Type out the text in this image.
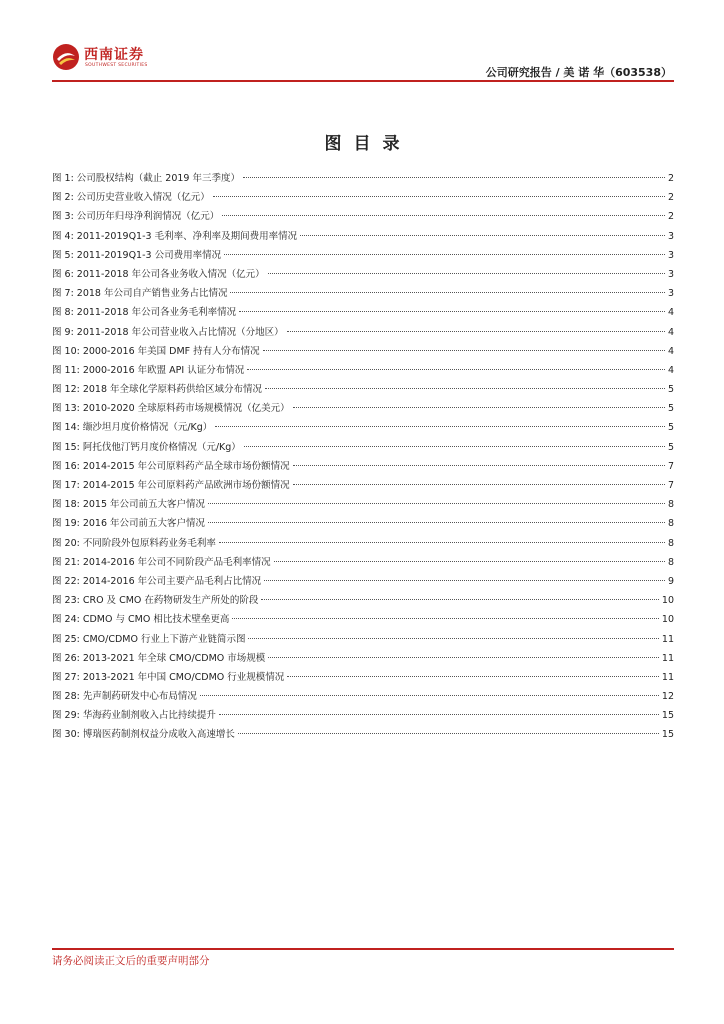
西南证券
SOUTHWEST SECURITIES
公司研究报告 / 美 诺 华（603538）
图目录
图 1: 公司股权结构（截止 2019 年三季度）	2
图 2: 公司历史营业收入情况（亿元）	2
图 3: 公司历年归母净利润情况（亿元）	2
图 4: 2011-2019Q1-3 毛利率、净利率及期间费用率情况	3
图 5: 2011-2019Q1-3 公司费用率情况	3
图 6: 2011-2018 年公司各业务收入情况（亿元）	3
图 7: 2018 年公司自产销售业务占比情况	3
图 8: 2011-2018 年公司各业务毛利率情况	4
图 9: 2011-2018 年公司营业收入占比情况（分地区）	4
图 10: 2000-2016 年美国 DMF 持有人分布情况	4
图 11: 2000-2016 年欧盟 API 认证分布情况	4
图 12: 2018 年全球化学原料药供给区域分布情况	5
图 13: 2010-2020 全球原料药市场规模情况（亿美元）	5
图 14: 缬沙坦月度价格情况（元/Kg）	5
图 15: 阿托伐他汀钙月度价格情况（元/Kg）	5
图 16: 2014-2015 年公司原料药产品全球市场份额情况	7
图 17: 2014-2015 年公司原料药产品欧洲市场份额情况	7
图 18: 2015 年公司前五大客户情况	8
图 19: 2016 年公司前五大客户情况	8
图 20: 不同阶段外包原料药业务毛利率	8
图 21: 2014-2016 年公司不同阶段产品毛利率情况	8
图 22: 2014-2016 年公司主要产品毛利占比情况	9
图 23: CRO 及 CMO 在药物研发生产所处的阶段	10
图 24: CDMO 与 CMO 相比技术壁垒更高	10
图 25: CMO/CDMO 行业上下游产业链简示图	11
图 26: 2013-2021 年全球 CMO/CDMO 市场规模	11
图 27: 2013-2021 年中国 CMO/CDMO 行业规模情况	11
图 28: 先声制药研发中心布局情况	12
图 29: 华海药业制剂收入占比持续提升	15
图 30: 博瑞医药制剂权益分成收入高速增长	15
请务必阅读正文后的重要声明部分
